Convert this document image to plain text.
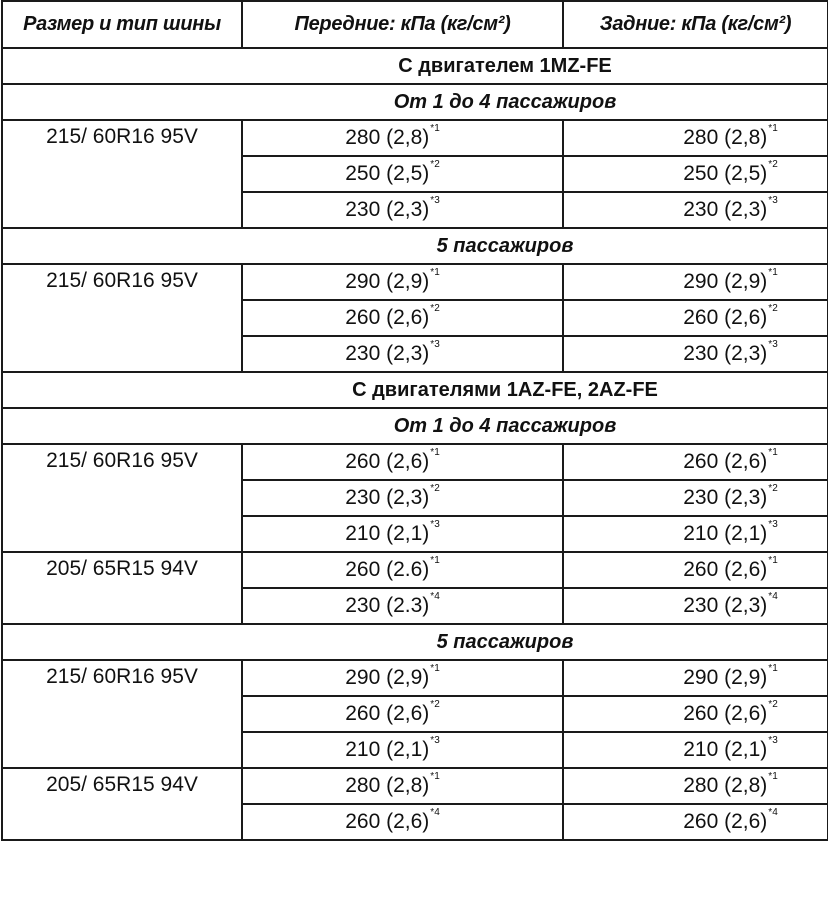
Размер и тип шины	Передние: кПа (кг/см²)	Задние: кПа (кг/см²)
С двигателем 1MZ-FE		
От 1 до 4 пассажиров		
215/ 60R16 95V	280 (2,8)$^{*1}$	280 (2,8)$^{*1}$
	250 (2,5)$^{*2}$	250 (2,5)$^{*2}$
	230 (2,3)$^{*3}$	230 (2,3)$^{*3}$
5 пассажиров		
215/ 60R16 95V	290 (2,9)$^{*1}$	290 (2,9)$^{*1}$
	260 (2,6)$^{*2}$	260 (2,6)$^{*2}$
	230 (2,3)$^{*3}$	230 (2,3)$^{*3}$
С двигателями 1AZ-FE, 2AZ-FE		
От 1 до 4 пассажиров		
215/ 60R16 95V	260 (2,6)$^{*1}$	260 (2,6)$^{*1}$
	230 (2,3)$^{*2}$	230 (2,3)$^{*2}$
	210 (2,1)$^{*3}$	210 (2,1)$^{*3}$
205/ 65R15 94V	260 (2.6)$^{*1}$	260 (2,6)$^{*1}$
	230 (2.3)$^{*4}$	230 (2,3)$^{*4}$
5 пассажиров		
215/ 60R16 95V	290 (2,9)$^{*1}$	290 (2,9)$^{*1}$
	260 (2,6)$^{*2}$	260 (2,6)$^{*2}$
	210 (2,1)$^{*3}$	210 (2,1)$^{*3}$
205/ 65R15 94V	280 (2,8)$^{*1}$	280 (2,8)$^{*1}$
	260 (2,6)$^{*4}$	260 (2,6)$^{*4}$
